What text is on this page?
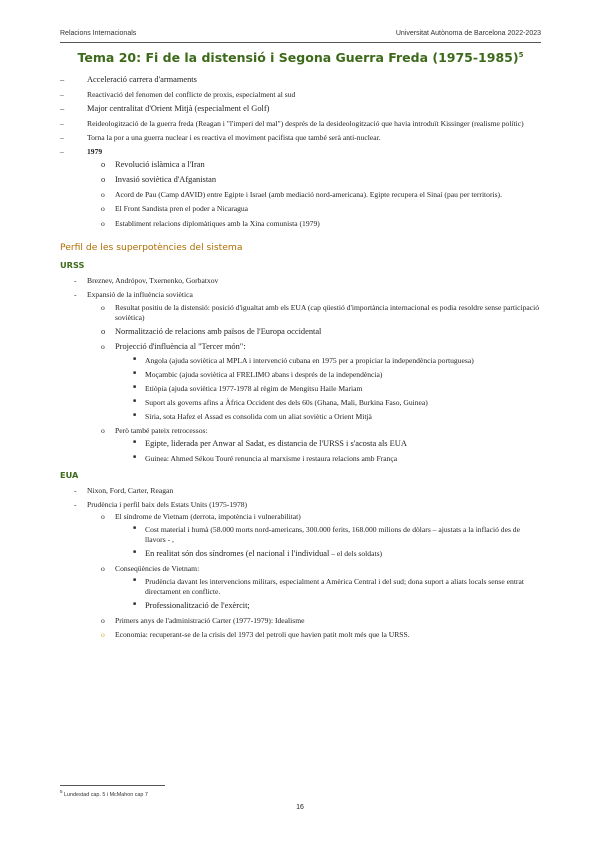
Relacions Internacionals	Universitat Autònoma de Barcelona 2022-2023
Tema 20: Fi de la distensió i Segona Guerra Freda (1975-1985)$^5$
–	Acceleració carrera d'armaments
–	Reactivació del fenomen del conflicte de proxis, especialment al sud
–	Major centralitat d'Orient Mitjà (especialment el Golf)
–	Reideologització de la guerra freda (Reagan i "l'imperi del mal") després de la desideologització que havia introduït Kissinger (realisme polític)
–	Torna la por a una guerra nuclear i es reactiva el moviment pacifista que també serà anti-nuclear.
–	1979
o Revolució islàmica a l'Iran
o Invasió soviètica d'Afganistan
o Acord de Pau (Camp dAVID) entre Egipte i Israel (amb mediació nord-americana). Egipte recupera el Sinaí (pau per territoris).
o El Front Sandista pren el poder a Nicaragua
o Establiment relacions diplomàtiques amb la Xina comunista (1979)
Perfil de les superpotències del sistema
URSS
- Breznev, Andrópov, Txernenko, Gorbatxov
- Expansió de la influència soviètica
o Resultat positiu de la distensió: posició d'igualtat amb els EUA (cap qüestió d'importància internacional es podia resoldre sense participació soviètica)
o Normalització de relacions amb països de l'Europa occidental
o Projecció d'influència al "Tercer món":
■ Angola (ajuda soviètica al MPLA i intervenció cubana en 1975 per a propiciar la independència portuguesa)
■ Moçambic (ajuda soviètica al FRELIMO abans i després de la independència)
■ Etiòpia (ajuda soviètica 1977-1978 al règim de Mengitsu Haile Mariam
■ Suport als governs afins a Àfrica Occident des dels 60s (Ghana, Mali, Burkina Faso, Guinea)
■ Síria, sota Hafez el Assad es consolida com un aliat soviètic a Orient Mitjà
o Però també pateix retrocessos:
■ Egipte, liderada per Anwar al Sadat, es distancia de l'URSS i s'acosta als EUA
■ Guinea: Ahmed Sékou Touré renuncia al marxisme i restaura relacions amb França
EUA
- Nixon, Ford, Carter, Reagan
- Prudència i perfil baix dels Estats Units (1975-1978)
o El síndrome de Vietnam (derrota, impotència i vulnerabilitat)
■ Cost material i humà (58.000 morts nord-americans, 300.000 ferits, 168.000 milions de dòlars – ajustats a la inflació des de llavors - ,
■ En realitat són dos síndromes (el nacional i l'individual – el dels soldats)
o Conseqüències de Vietnam:
■ Prudència davant les intervencions militars, especialment a Amèrica Central i del sud; dona suport a aliats locals sense entrat directament en conflicte.
■ Professionalització de l'exèrcit;
o Primers anys de l'administració Carter (1977-1979): Idealisme
o Economia: recuperant-se de la crisis del 1973 del petroli que havien patit molt més que la URSS.
$^5$ Lundestad cap. 5 i McMahon cap 7
16
